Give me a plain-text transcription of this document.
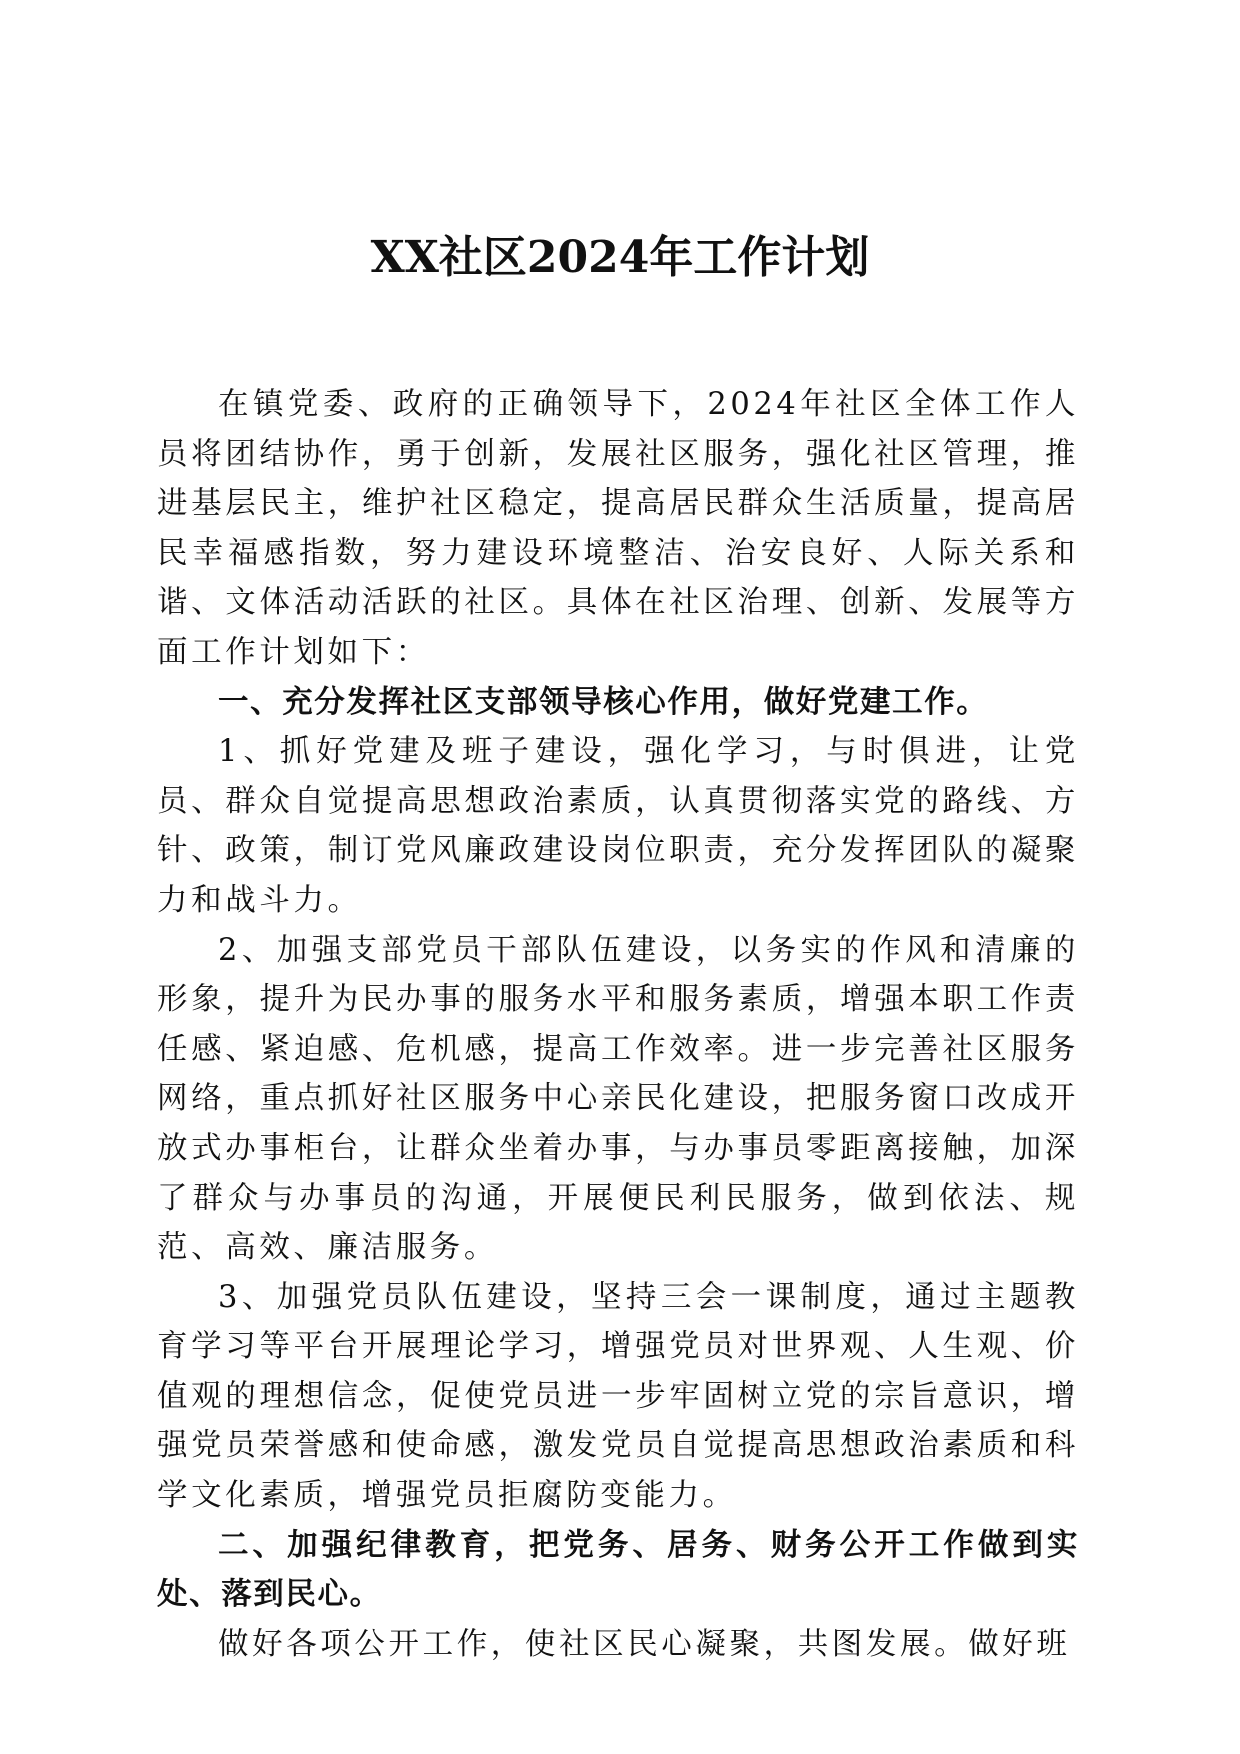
XX社区2024年工作计划

在镇党委、政府的正确领导下，2024年社区全体工作人员将团结协作，勇于创新，发展社区服务，强化社区管理，推进基层民主，维护社区稳定，提高居民群众生活质量，提高居民幸福感指数，努力建设环境整洁、治安良好、人际关系和谐、文体活动活跃的社区。具体在社区治理、创新、发展等方面工作计划如下：

一、充分发挥社区支部领导核心作用，做好党建工作。

1、抓好党建及班子建设，强化学习，与时俱进，让党员、群众自觉提高思想政治素质，认真贯彻落实党的路线、方针、政策，制订党风廉政建设岗位职责，充分发挥团队的凝聚力和战斗力。

2、加强支部党员干部队伍建设，以务实的作风和清廉的形象，提升为民办事的服务水平和服务素质，增强本职工作责任感、紧迫感、危机感，提高工作效率。进一步完善社区服务网络，重点抓好社区服务中心亲民化建设，把服务窗口改成开放式办事柜台，让群众坐着办事，与办事员零距离接触，加深了群众与办事员的沟通，开展便民利民服务，做到依法、规范、高效、廉洁服务。

3、加强党员队伍建设，坚持三会一课制度，通过主题教育学习等平台开展理论学习，增强党员对世界观、人生观、价值观的理想信念，促使党员进一步牢固树立党的宗旨意识，增强党员荣誉感和使命感，激发党员自觉提高思想政治素质和科学文化素质，增强党员拒腐防变能力。

二、加强纪律教育，把党务、居务、财务公开工作做到实处、落到民心。

做好各项公开工作，使社区民心凝聚，共图发展。做好班
